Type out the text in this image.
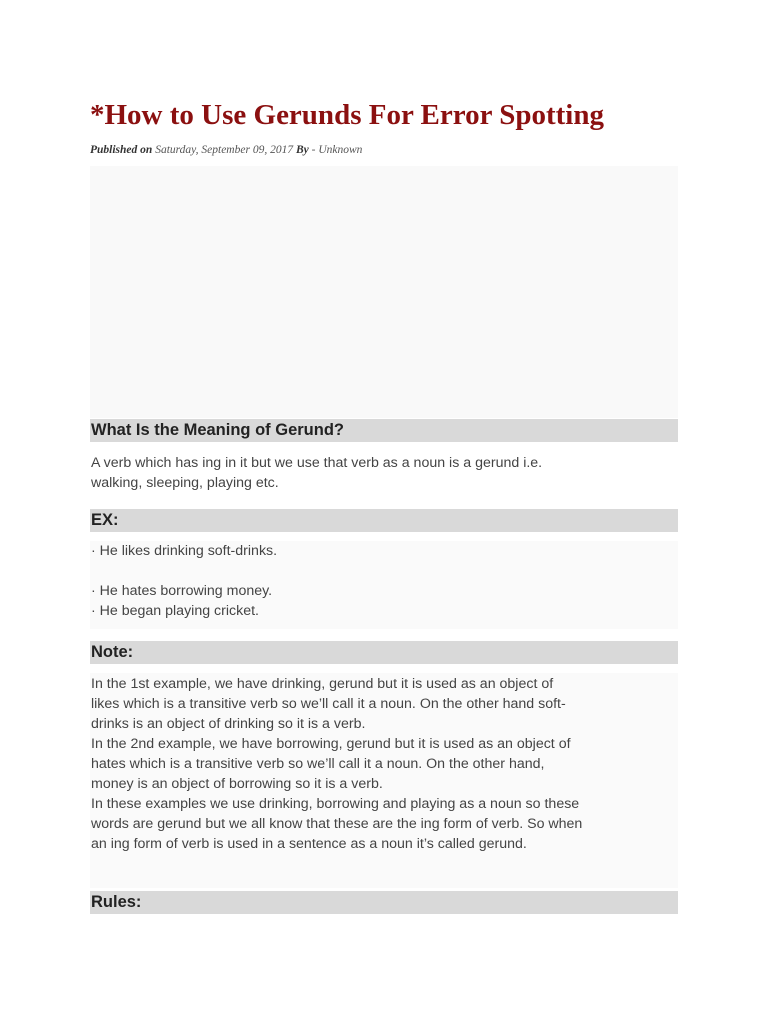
*How to Use Gerunds For Error Spotting
Published on Saturday, September 09, 2017 By - Unknown
What Is the Meaning of Gerund?

A verb which has ing in it but we use that verb as a noun is a gerund i.e.

walking, sleeping, playing etc.

EX:

· He likes drinking soft-drinks.

· He hates borrowing money.

· He began playing cricket.

Note:

In the 1st example, we have drinking, gerund but it is used as an object of

likes which is a transitive verb so we’ll call it a noun. On the other hand soft-

drinks is an object of drinking so it is a verb.

In the 2nd example, we have borrowing, gerund but it is used as an object of

hates which is a transitive verb so we’ll call it a noun. On the other hand,

money is an object of borrowing so it is a verb.

In these examples we use drinking, borrowing and playing as a noun so these

words are gerund but we all know that these are the ing form of verb. So when

an ing form of verb is used in a sentence as a noun it’s called gerund.

Rules:
